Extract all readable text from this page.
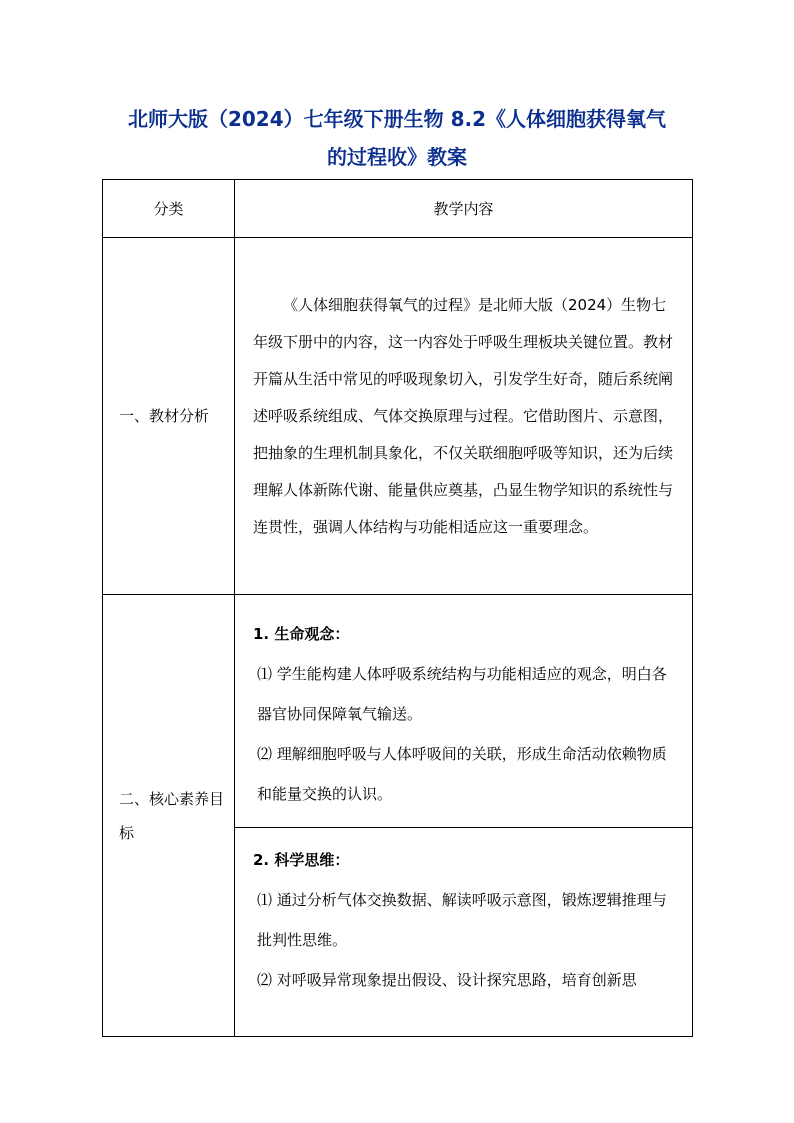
北师大版（2024）七年级下册生物 8.2《人体细胞获得氧气
的过程收》教案
分类	教学内容
一、教材分析	《人体细胞获得氧气的过程》是北师大版（2024）生物七年级下册中的内容，这一内容处于呼吸生理板块关键位置。教材开篇从生活中常见的呼吸现象切入，引发学生好奇，随后系统阐述呼吸系统组成、气体交换原理与过程。它借助图片、示意图，把抽象的生理机制具象化，不仅关联细胞呼吸等知识，还为后续理解人体新陈代谢、能量供应奠基，凸显生物学知识的系统性与连贯性，强调人体结构与功能相适应这一重要理念。

二、核心素养目标	1. 生命观念：

⑴ 学生能构建人体呼吸系统结构与功能相适应的观念，明白各器官协同保障氧气输送。

⑵ 理解细胞呼吸与人体呼吸间的关联，形成生命活动依赖物质和能量交换的认识。

	2. 科学思维：

⑴ 通过分析气体交换数据、解读呼吸示意图，锻炼逻辑推理与批判性思维。

⑵ 对呼吸异常现象提出假设、设计探究思路，培育创新思
